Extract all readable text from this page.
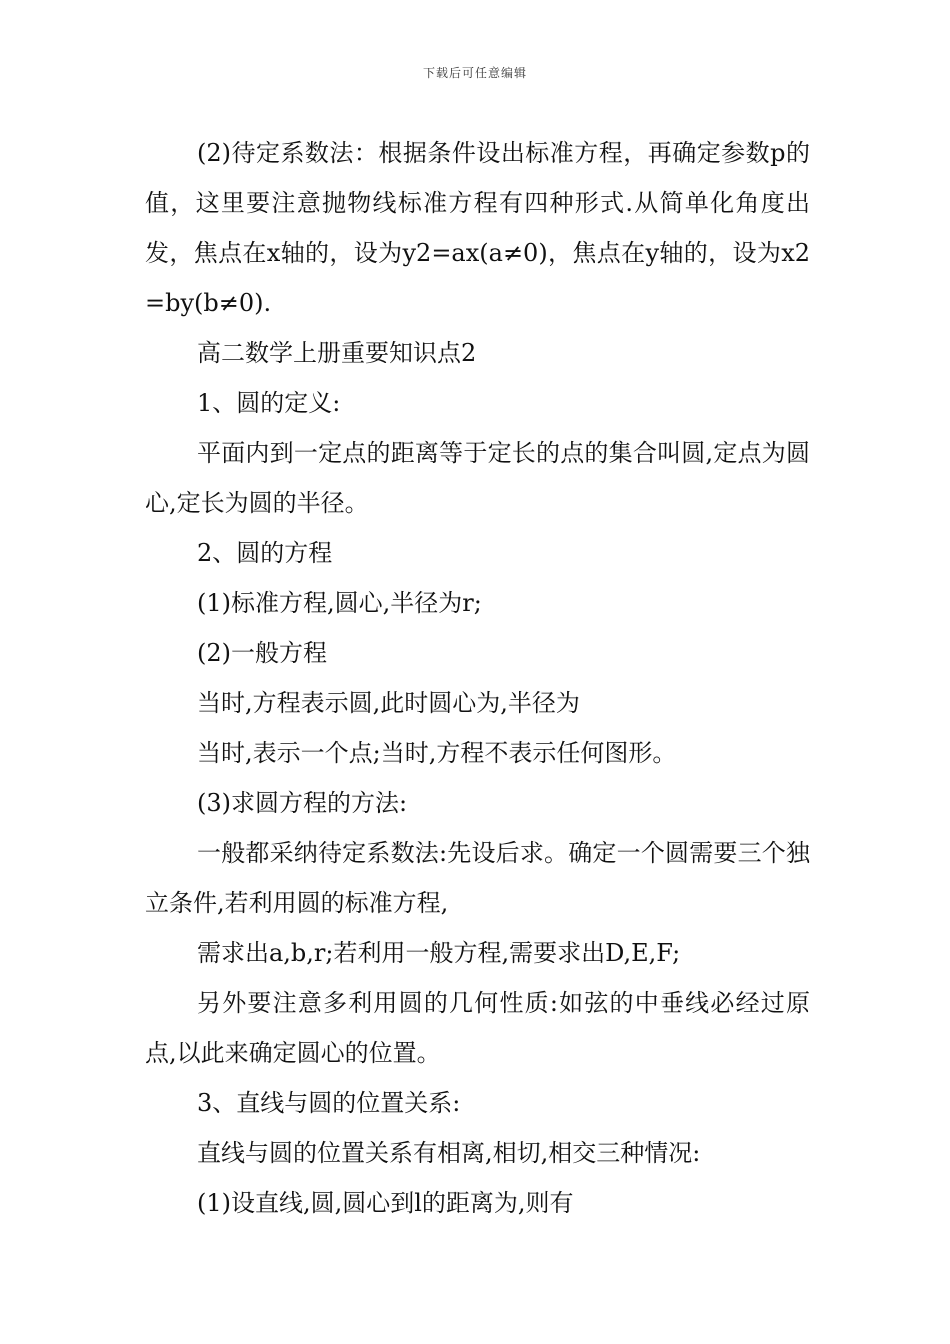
下载后可任意编辑

(2)待定系数法：根据条件设出标准方程，再确定参数p的值，这里要注意抛物线标准方程有四种形式.从简单化角度出发，焦点在x轴的，设为y2=ax(a≠0)，焦点在y轴的，设为x2=by(b≠0).

高二数学上册重要知识点2

1、圆的定义:

平面内到一定点的距离等于定长的点的集合叫圆,定点为圆心,定长为圆的半径。

2、圆的方程

(1)标准方程,圆心,半径为r;

(2)一般方程

当时,方程表示圆,此时圆心为,半径为

当时,表示一个点;当时,方程不表示任何图形。

(3)求圆方程的方法:

一般都采纳待定系数法:先设后求。确定一个圆需要三个独立条件,若利用圆的标准方程,

需求出a,b,r;若利用一般方程,需要求出D,E,F;

另外要注意多利用圆的几何性质:如弦的中垂线必经过原点,以此来确定圆心的位置。

3、直线与圆的位置关系:

直线与圆的位置关系有相离,相切,相交三种情况:

(1)设直线,圆,圆心到l的距离为,则有
